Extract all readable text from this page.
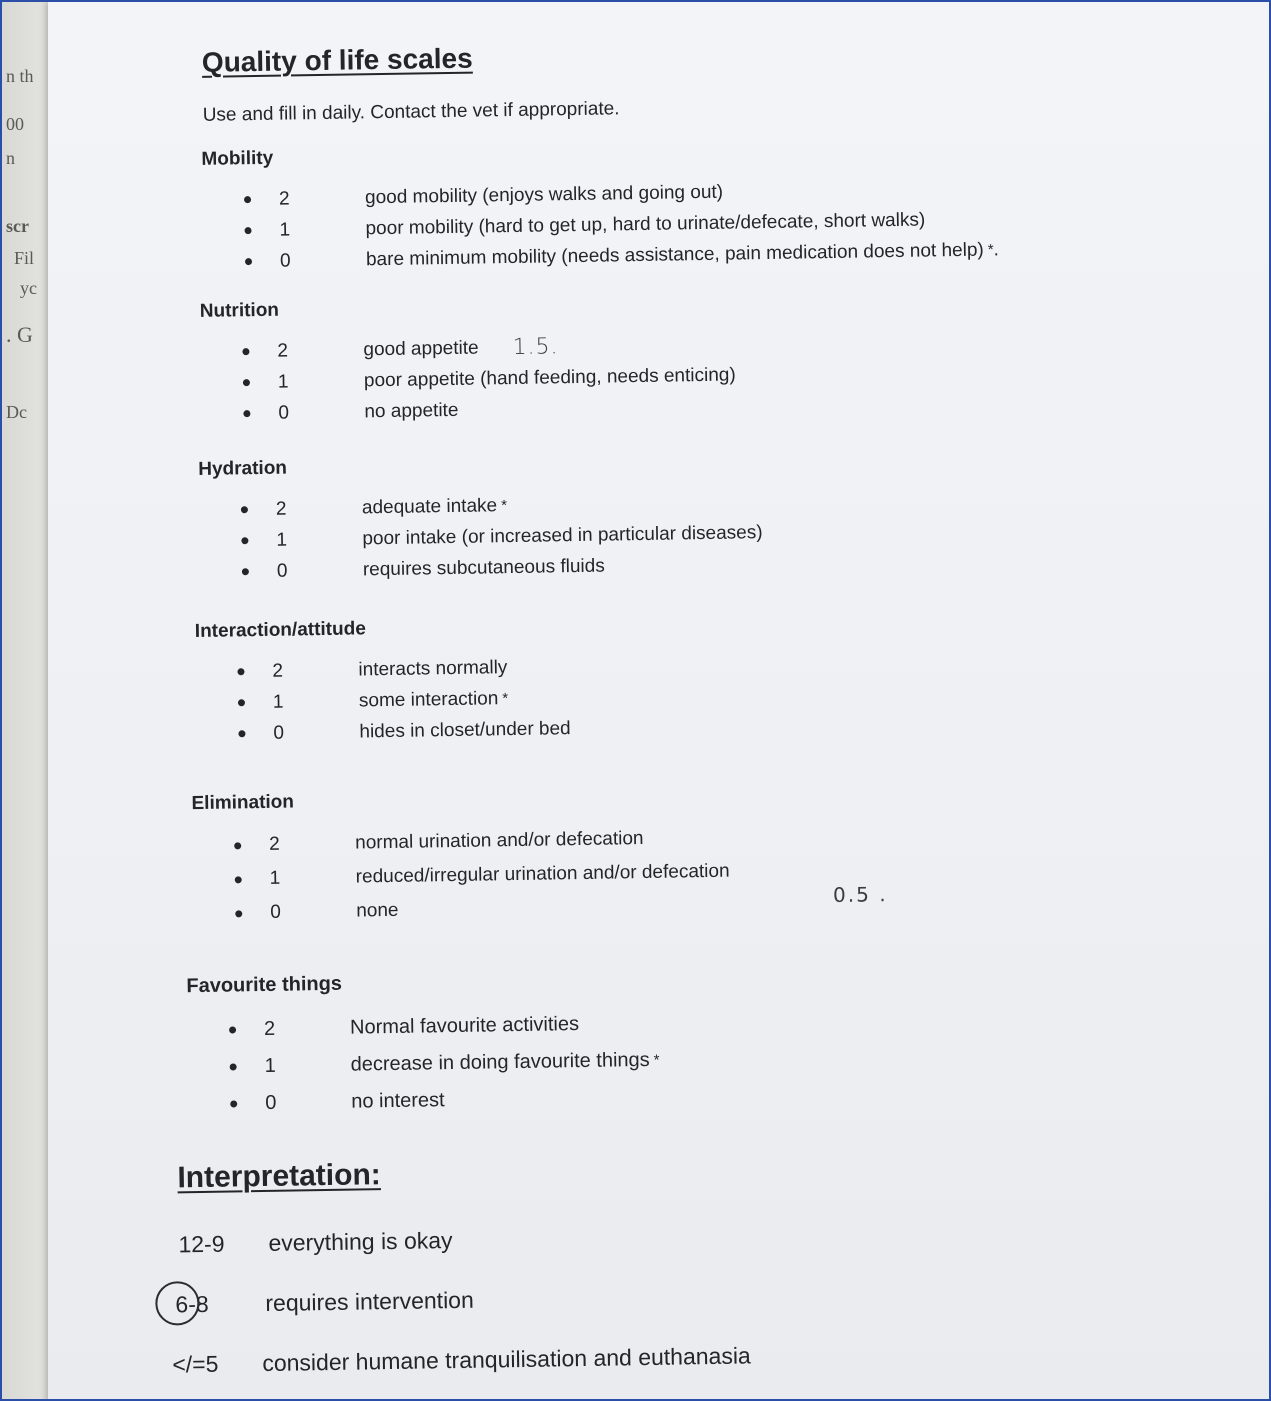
n th
00
n
scr
Fil
yc
. G
Dc
Quality of life scales

Use and fill in daily. Contact the vet if appropriate.

Mobility
2	good mobility (enjoys walks and going out)
1	poor mobility (hard to get up, hard to urinate/defecate, short walks)
0	bare minimum mobility (needs assistance, pain medication does not help) * .
Nutrition
2	good appetite 1.5.
1	poor appetite (hand feeding, needs enticing)
0	no appetite
Hydration
2	adequate intake *
1	poor intake (or increased in particular diseases)
0	requires subcutaneous fluids
Interaction/attitude
2	interacts normally
1	some interaction *
0	hides in closet/under bed
Elimination
2	normal urination and/or defecation
1	reduced/irregular urination and/or defecation
0	none
0.5 .
Favourite things
2	Normal favourite activities
1	decrease in doing favourite things *
0	no interest
Interpretation:
12-9	everything is okay
6-8	requires intervention
</=5	consider humane tranquilisation and euthanasia
